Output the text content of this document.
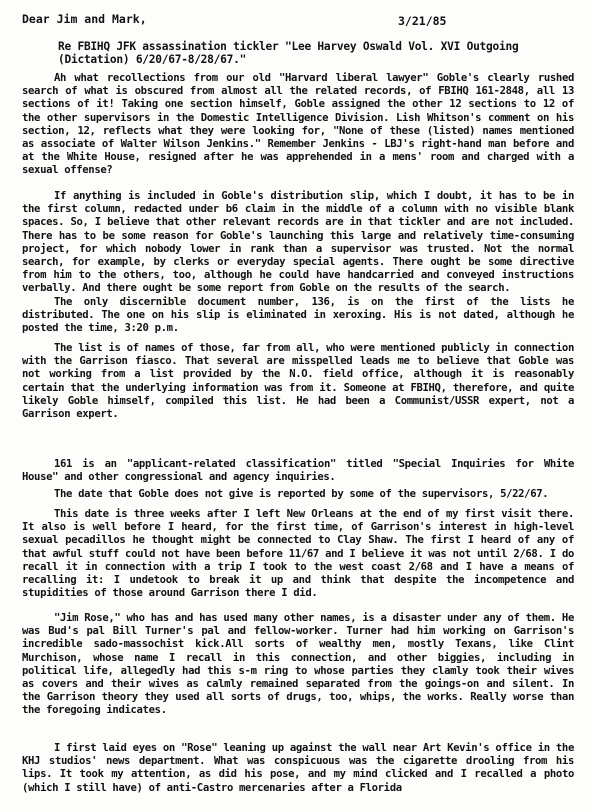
Dear Jim and Mark,	3/21/85
Re FBIHQ JFK assassination tickler "Lee Harvey Oswald Vol. XVI Outgoing (Dictation) 6/20/67-8/28/67."

Ah what recollections from our old "Harvard liberal lawyer" Goble's clearly rushed search of what is obscured from almost all the related records, of FBIHQ 161-2848, all 13 sections of it! Taking one section himself, Goble assigned the other 12 sections to 12 of the other supervisors in the Domestic Intelligence Division. Lish Whitson's comment on his section, 12, reflects what they were looking for, "None of these (listed) names mentioned as associate of Walter Wilson Jenkins." Remember Jenkins - LBJ's right-hand man before and at the White House, resigned after he was apprehended in a mens' room and charged with a sexual offense?

If anything is included in Goble's distribution slip, which I doubt, it has to be in the first column, redacted under b6 claim in the middle of a column with no visible blank spaces. So, I believe that other relevant records are in that tickler and are not included. There has to be some reason for Goble's launching this large and relatively time-consuming project, for which nobody lower in rank than a supervisor was trusted. Not the normal search, for example, by clerks or everyday special agents. There ought be some directive from him to the others, too, although he could have handcarried and conveyed instructions verbally. And there ought be some report from Goble on the results of the search.

The only discernible document number, 136, is on the first of the lists he distributed. The one on his slip is eliminated in xeroxing. His is not dated, although he posted the time, 3:20 p.m.

The list is of names of those, far from all, who were mentioned publicly in connection with the Garrison fiasco. That several are misspelled leads me to believe that Goble was not working from a list provided by the N.O. field office, although it is reasonably certain that the underlying information was from it. Someone at FBIHQ, therefore, and quite likely Goble himself, compiled this list. He had been a Communist/USSR expert, not a Garrison expert.

161 is an "applicant-related classification" titled "Special Inquiries for White House" and other congressional and agency inquiries.

The date that Goble does not give is reported by some of the supervisors, 5/22/67.

This date is three weeks after I left New Orleans at the end of my first visit there. It also is well before I heard, for the first time, of Garrison's interest in high-level sexual pecadillos he thought might be connected to Clay Shaw. The first I heard of any of that awful stuff could not have been before 11/67 and I believe it was not until 2/68. I do recall it in connection with a trip I took to the west coast 2/68 and I have a means of recalling it: I undetook to break it up and think that despite the incompetence and stupidities of those around Garrison there I did.

"Jim Rose," who has and has used many other names, is a disaster under any of them. He was Bud's pal Bill Turner's pal and fellow-worker. Turner had him working on Garrison's incredible sado-massochist kick.All sorts of wealthy men, mostly Texans, like Clint Murchison, whose name I recall in this connection, and other biggies, including in political life, allegedly had this s-m ring to whose parties they clamly took their wives as covers and their wives as calmly remained separated from the goings-on and silent. In the Garrison theory they used all sorts of drugs, too, whips, the works. Really worse than the foregoing indicates.

I first laid eyes on "Rose" leaning up against the wall near Art Kevin's office in the KHJ studios' news department. What was conspicuous was the cigarette drooling from his lips. It took my attention, as did his pose, and my mind clicked and I recalled a photo (which I still have) of anti-Castro mercenaries after a Florida
